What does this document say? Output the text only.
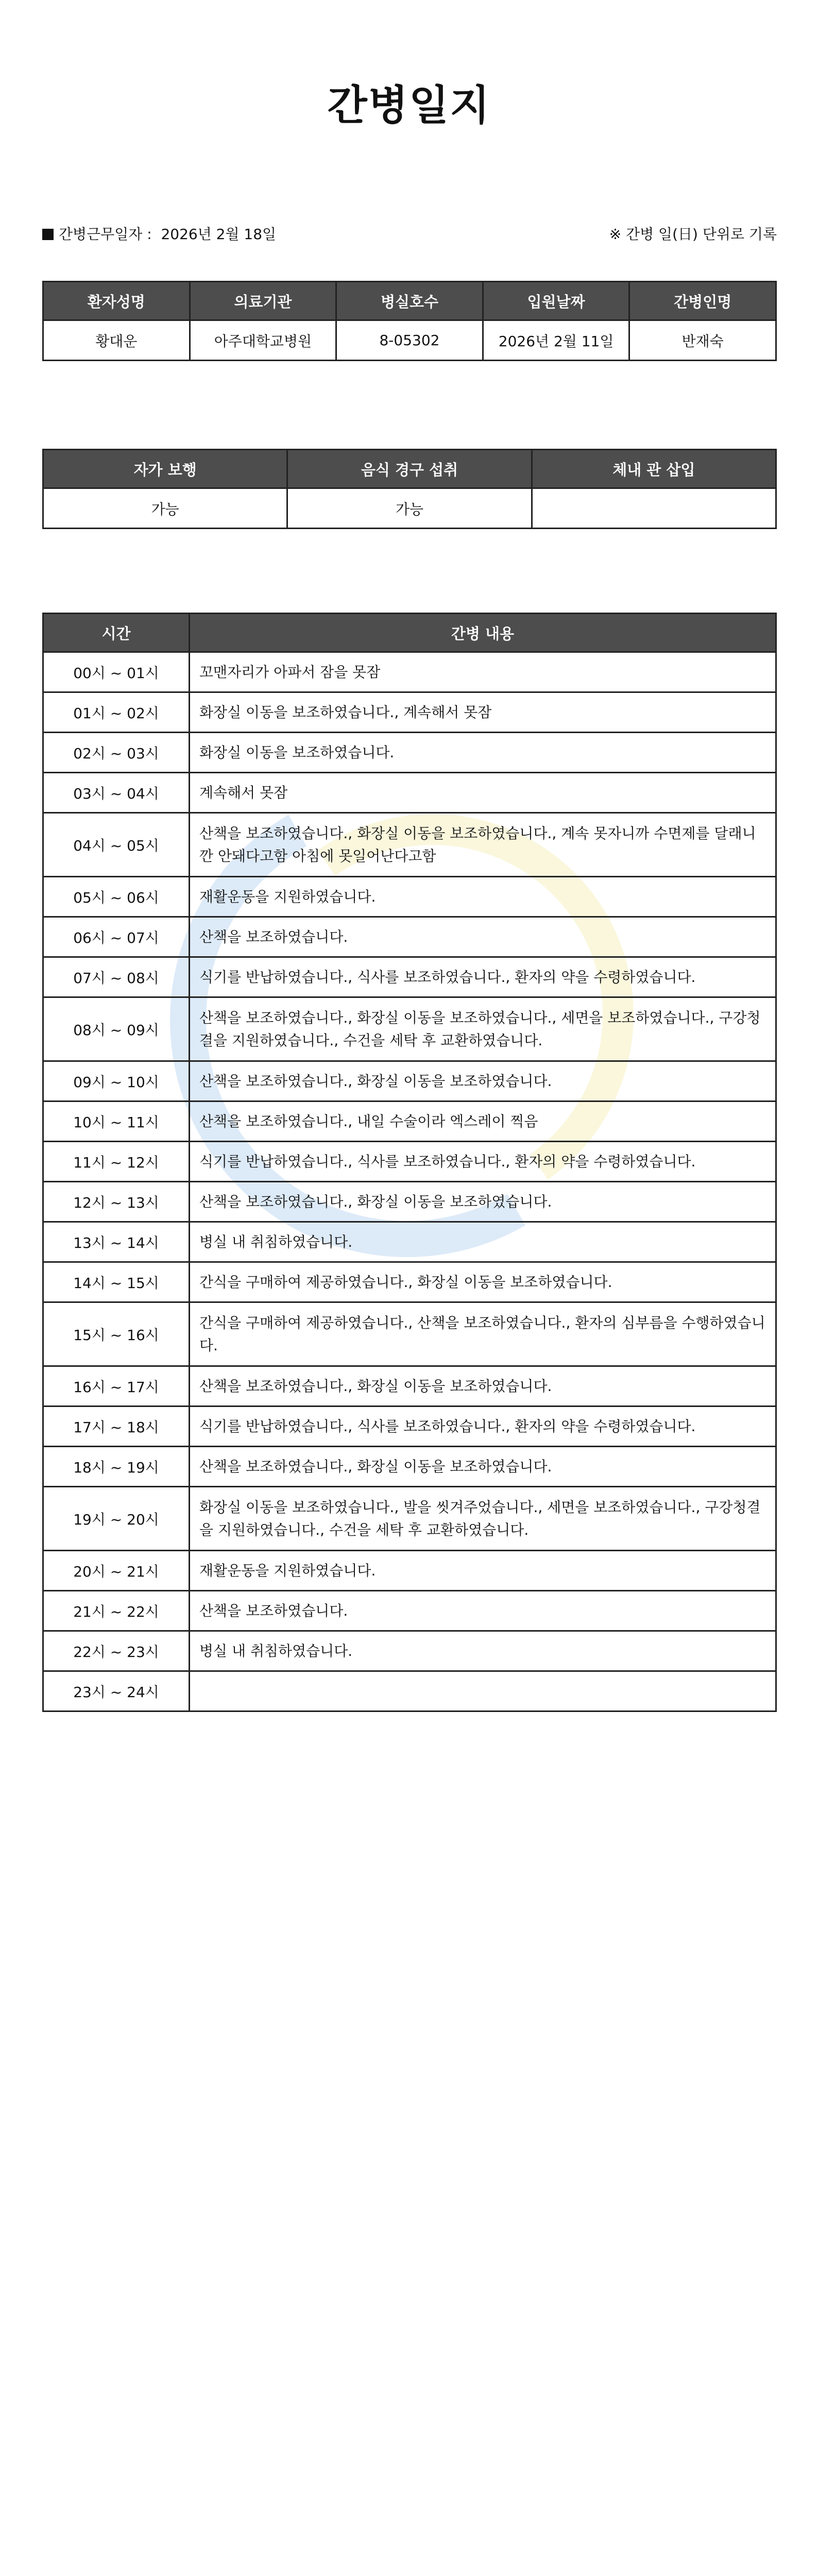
간병일지
간병근무일자 : 2026년 2월 18일	※ 간병 일(日) 단위로 기록
환자성명	의료기관	병실호수	입원날짜	간병인명
황대운	아주대학교병원	8-05302	2026년 2월 11일	반재숙
자가 보행	음식 경구 섭취	체내 관 삽입
가능	가능	
시간	간병 내용
00시 ~ 01시	꼬맨자리가 아파서 잠을 못잠
01시 ~ 02시	화장실 이동을 보조하였습니다., 계속해서 못잠
02시 ~ 03시	화장실 이동을 보조하였습니다.
03시 ~ 04시	계속해서 못잠
04시 ~ 05시	산책을 보조하였습니다., 화장실 이동을 보조하였습니다., 계속 못자니까 수면제를 달래니깐 안돼다고함 아침에 못일어난다고함
05시 ~ 06시	재활운동을 지원하였습니다.
06시 ~ 07시	산책을 보조하였습니다.
07시 ~ 08시	식기를 반납하였습니다., 식사를 보조하였습니다., 환자의 약을 수령하였습니다.
08시 ~ 09시	산책을 보조하였습니다., 화장실 이동을 보조하였습니다., 세면을 보조하였습니다., 구강청결을 지원하였습니다., 수건을 세탁 후 교환하였습니다.
09시 ~ 10시	산책을 보조하였습니다., 화장실 이동을 보조하였습니다.
10시 ~ 11시	산책을 보조하였습니다., 내일 수술이라 엑스레이 찍음
11시 ~ 12시	식기를 반납하였습니다., 식사를 보조하였습니다., 환자의 약을 수령하였습니다.
12시 ~ 13시	산책을 보조하였습니다., 화장실 이동을 보조하였습니다.
13시 ~ 14시	병실 내 취침하였습니다.
14시 ~ 15시	간식을 구매하여 제공하였습니다., 화장실 이동을 보조하였습니다.
15시 ~ 16시	간식을 구매하여 제공하였습니다., 산책을 보조하였습니다., 환자의 심부름을 수행하였습니다.
16시 ~ 17시	산책을 보조하였습니다., 화장실 이동을 보조하였습니다.
17시 ~ 18시	식기를 반납하였습니다., 식사를 보조하였습니다., 환자의 약을 수령하였습니다.
18시 ~ 19시	산책을 보조하였습니다., 화장실 이동을 보조하였습니다.
19시 ~ 20시	화장실 이동을 보조하였습니다., 발을 씻겨주었습니다., 세면을 보조하였습니다., 구강청결을 지원하였습니다., 수건을 세탁 후 교환하였습니다.
20시 ~ 21시	재활운동을 지원하였습니다.
21시 ~ 22시	산책을 보조하였습니다.
22시 ~ 23시	병실 내 취침하였습니다.
23시 ~ 24시	
